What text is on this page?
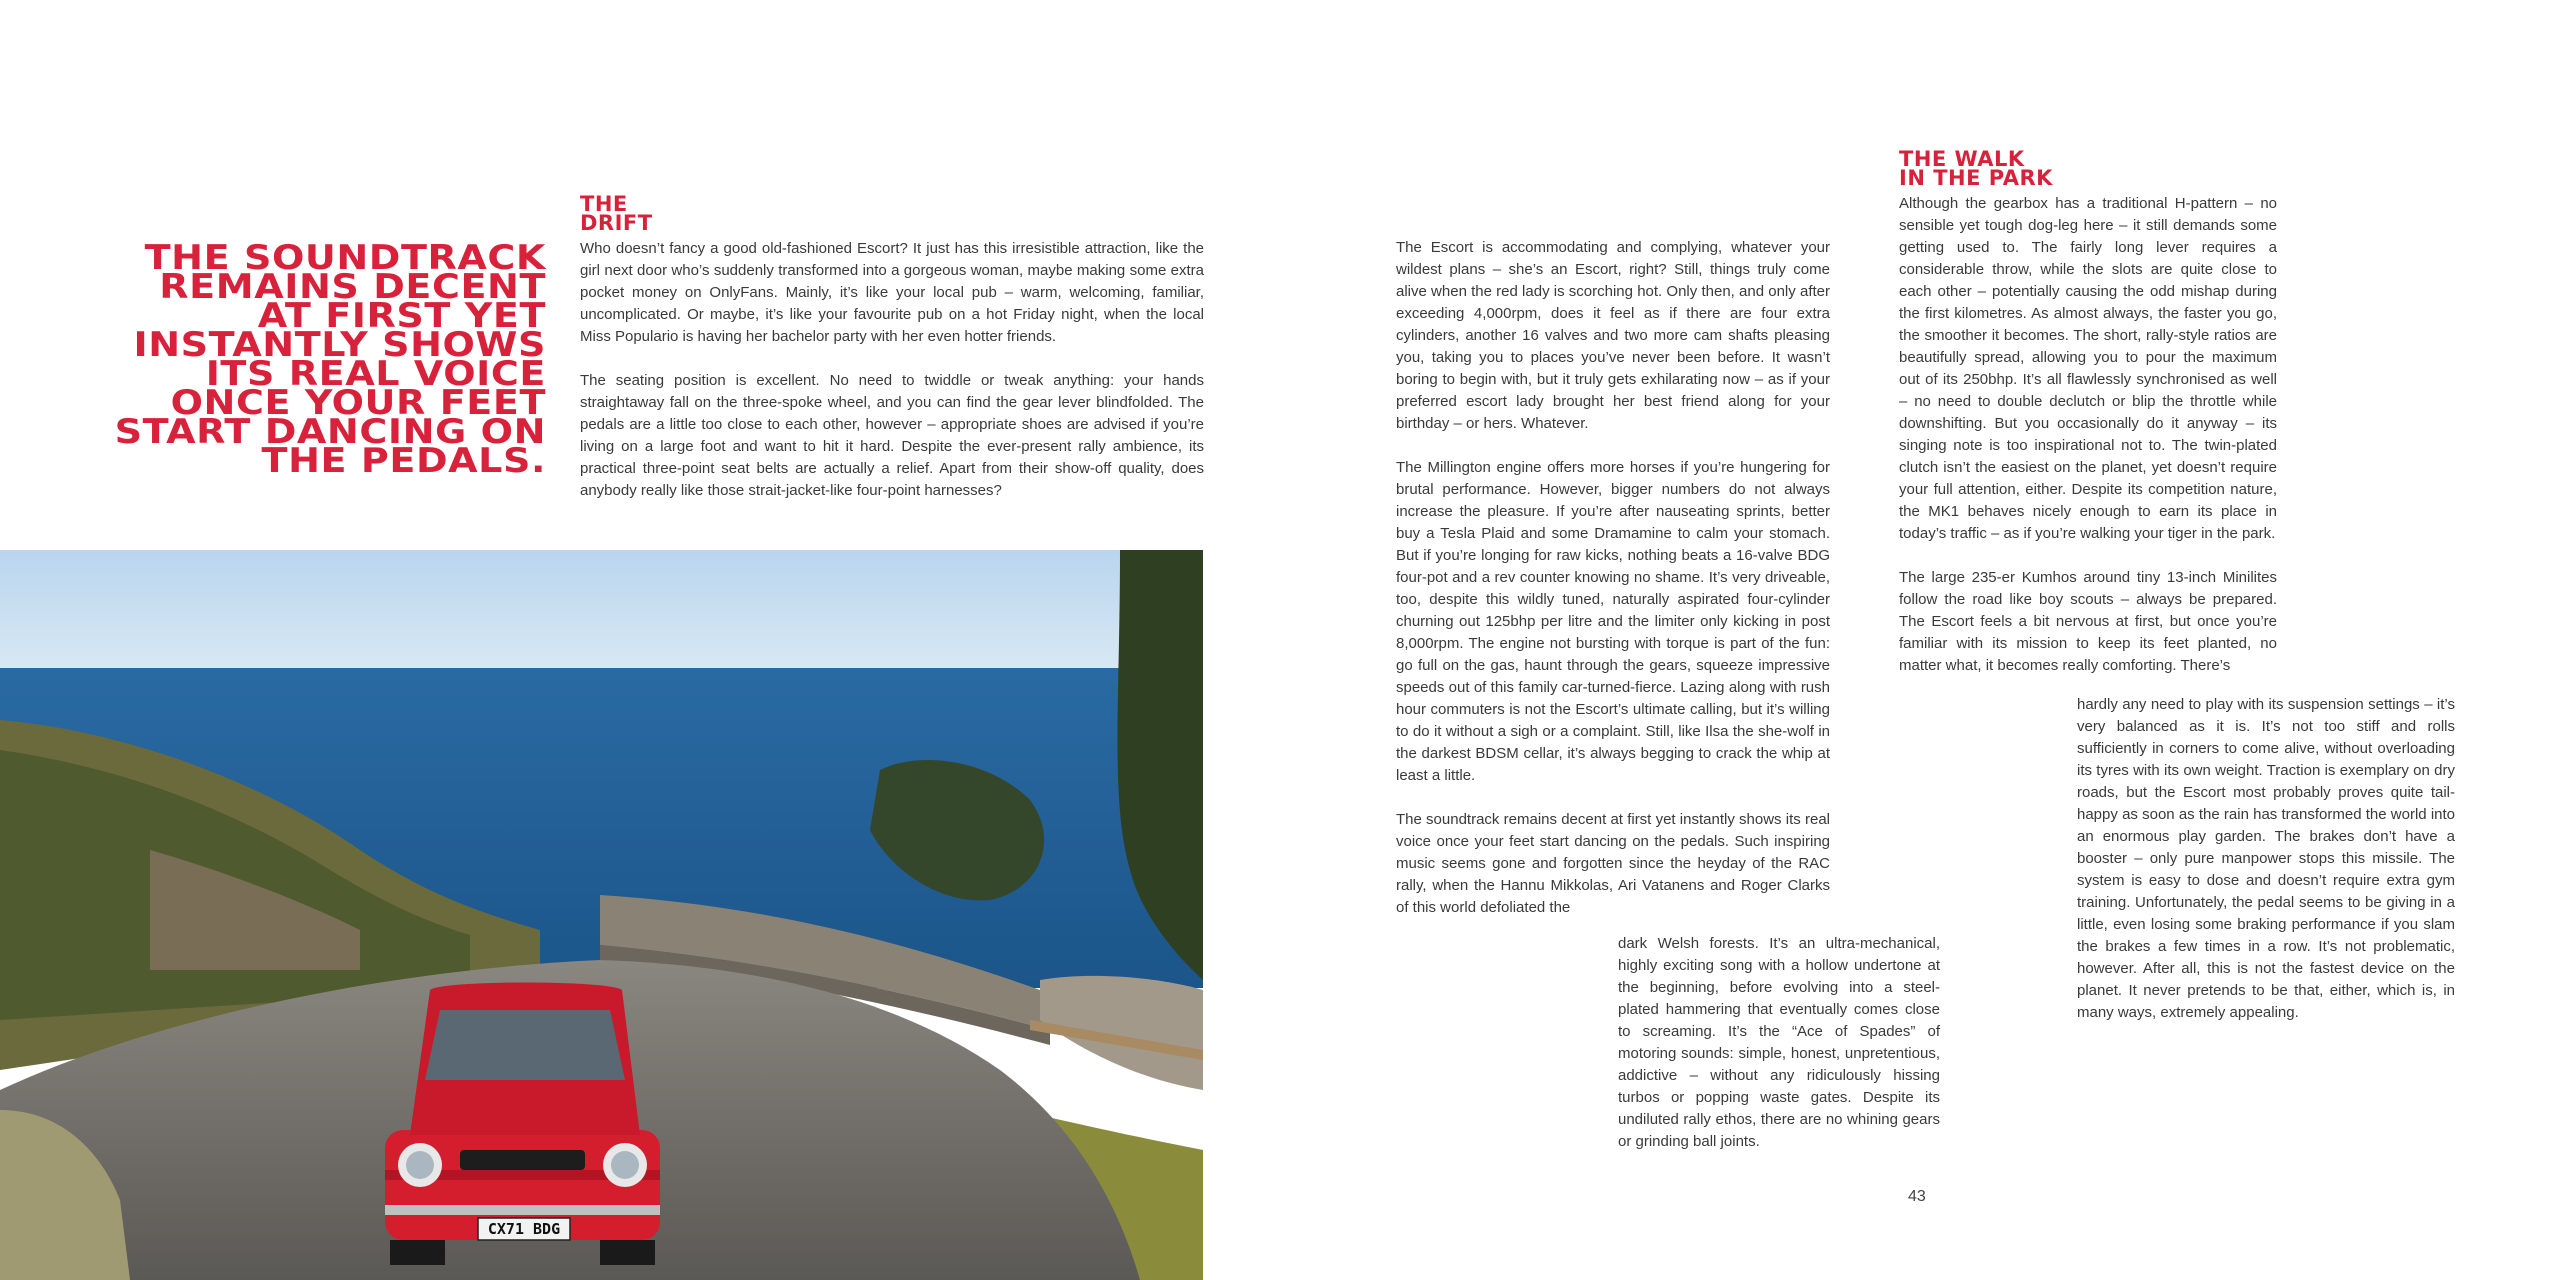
THE SOUNDTRACK
REMAINS DECENT
AT FIRST YET
INSTANTLY SHOWS
ITS REAL VOICE
ONCE YOUR FEET
START DANCING ON
THE PEDALS.
THE
DRIFT

Who doesn’t fancy a good old-fashioned Escort? It just has this irresistible attraction, like the girl next door who’s suddenly transformed into a gorgeous woman, maybe making some extra pocket money on OnlyFans. Mainly, it’s like your local pub – warm, welcoming, familiar, uncomplicated. Or maybe, it’s like your favourite pub on a hot Friday night, when the local Miss Populario is having her bachelor party with her even hotter friends.

The seating position is excellent. No need to twiddle or tweak anything: your hands straightaway fall on the three-spoke wheel, and you can find the gear lever blindfolded. The pedals are a little too close to each other, however – appropriate shoes are advised if you’re living on a large foot and want to hit it hard. Despite the ever-present rally ambience, its practical three-point seat belts are actually a relief. Apart from their show-off quality, does anybody really like those strait-jacket-like four-point harnesses?

CX71 BDG

The Escort is accommodating and complying, whatever your wildest plans – she’s an Escort, right? Still, things truly come alive when the red lady is scorching hot. Only then, and only after exceeding 4,000rpm, does it feel as if there are four extra cylinders, another 16 valves and two more cam shafts pleasing you, taking you to places you’ve never been before. It wasn’t boring to begin with, but it truly gets exhilarating now – as if your preferred escort lady brought her best friend along for your birthday – or hers. Whatever.

The Millington engine offers more horses if you’re hungering for brutal performance. However, bigger numbers do not always increase the pleasure. If you’re after nauseating sprints, better buy a Tesla Plaid and some Dramamine to calm your stomach. But if you’re longing for raw kicks, nothing beats a 16-valve BDG four-pot and a rev counter knowing no shame. It’s very driveable, too, despite this wildly tuned, naturally aspirated four-cylinder churning out 125bhp per litre and the limiter only kicking in post 8,000rpm. The engine not bursting with torque is part of the fun: go full on the gas, haunt through the gears, squeeze impressive speeds out of this family car-turned-fierce. Lazing along with rush hour commuters is not the Escort’s ultimate calling, but it’s willing to do it without a sigh or a complaint. Still, like Ilsa the she-wolf in the darkest BDSM cellar, it’s always begging to crack the whip at least a little.

The soundtrack remains decent at first yet instantly shows its real voice once your feet start dancing on the pedals. Such inspiring music seems gone and forgotten since the heyday of the RAC rally, when the Hannu Mikkolas, Ari Vatanens and Roger Clarks of this world defoliated the

dark Welsh forests. It’s an ultra-mechanical, highly exciting song with a hollow undertone at the beginning, before evolving into a steel-plated hammering that eventually comes close to screaming. It’s the “Ace of Spades” of motoring sounds: simple, honest, unpretentious, addictive – without any ridiculously hissing turbos or popping waste gates. Despite its undiluted rally ethos, there are no whining gears or grinding ball joints.

THE WALK
IN THE PARK

Although the gearbox has a traditional H-pattern – no sensible yet tough dog-leg here – it still demands some getting used to. The fairly long lever requires a considerable throw, while the slots are quite close to each other – potentially causing the odd mishap during the first kilometres. As almost always, the faster you go, the smoother it becomes. The short, rally-style ratios are beautifully spread, allowing you to pour the maximum out of its 250bhp. It’s all flawlessly synchronised as well – no need to double declutch or blip the throttle while downshifting. But you occasionally do it anyway – its singing note is too inspirational not to. The twin-plated clutch isn’t the easiest on the planet, yet doesn’t require your full attention, either. Despite its competition nature, the MK1 behaves nicely enough to earn its place in today’s traffic – as if you’re walking your tiger in the park.

The large 235-er Kumhos around tiny 13-inch Minilites follow the road like boy scouts – always be prepared. The Escort feels a bit nervous at first, but once you’re familiar with its mission to keep its feet planted, no matter what, it becomes really comforting. There’s

hardly any need to play with its suspension settings – it’s very balanced as it is. It’s not too stiff and rolls sufficiently in corners to come alive, without overloading its tyres with its own weight. Traction is exemplary on dry roads, but the Escort most probably proves quite tail-happy as soon as the rain has transformed the world into an enormous play garden. The brakes don’t have a booster – only pure manpower stops this missile. The system is easy to dose and doesn’t require extra gym training. Unfortunately, the pedal seems to be giving in a little, even losing some braking performance if you slam the brakes a few times in a row. It’s not problematic, however. After all, this is not the fastest device on the planet. It never pretends to be that, either, which is, in many ways, extremely appealing.

43
